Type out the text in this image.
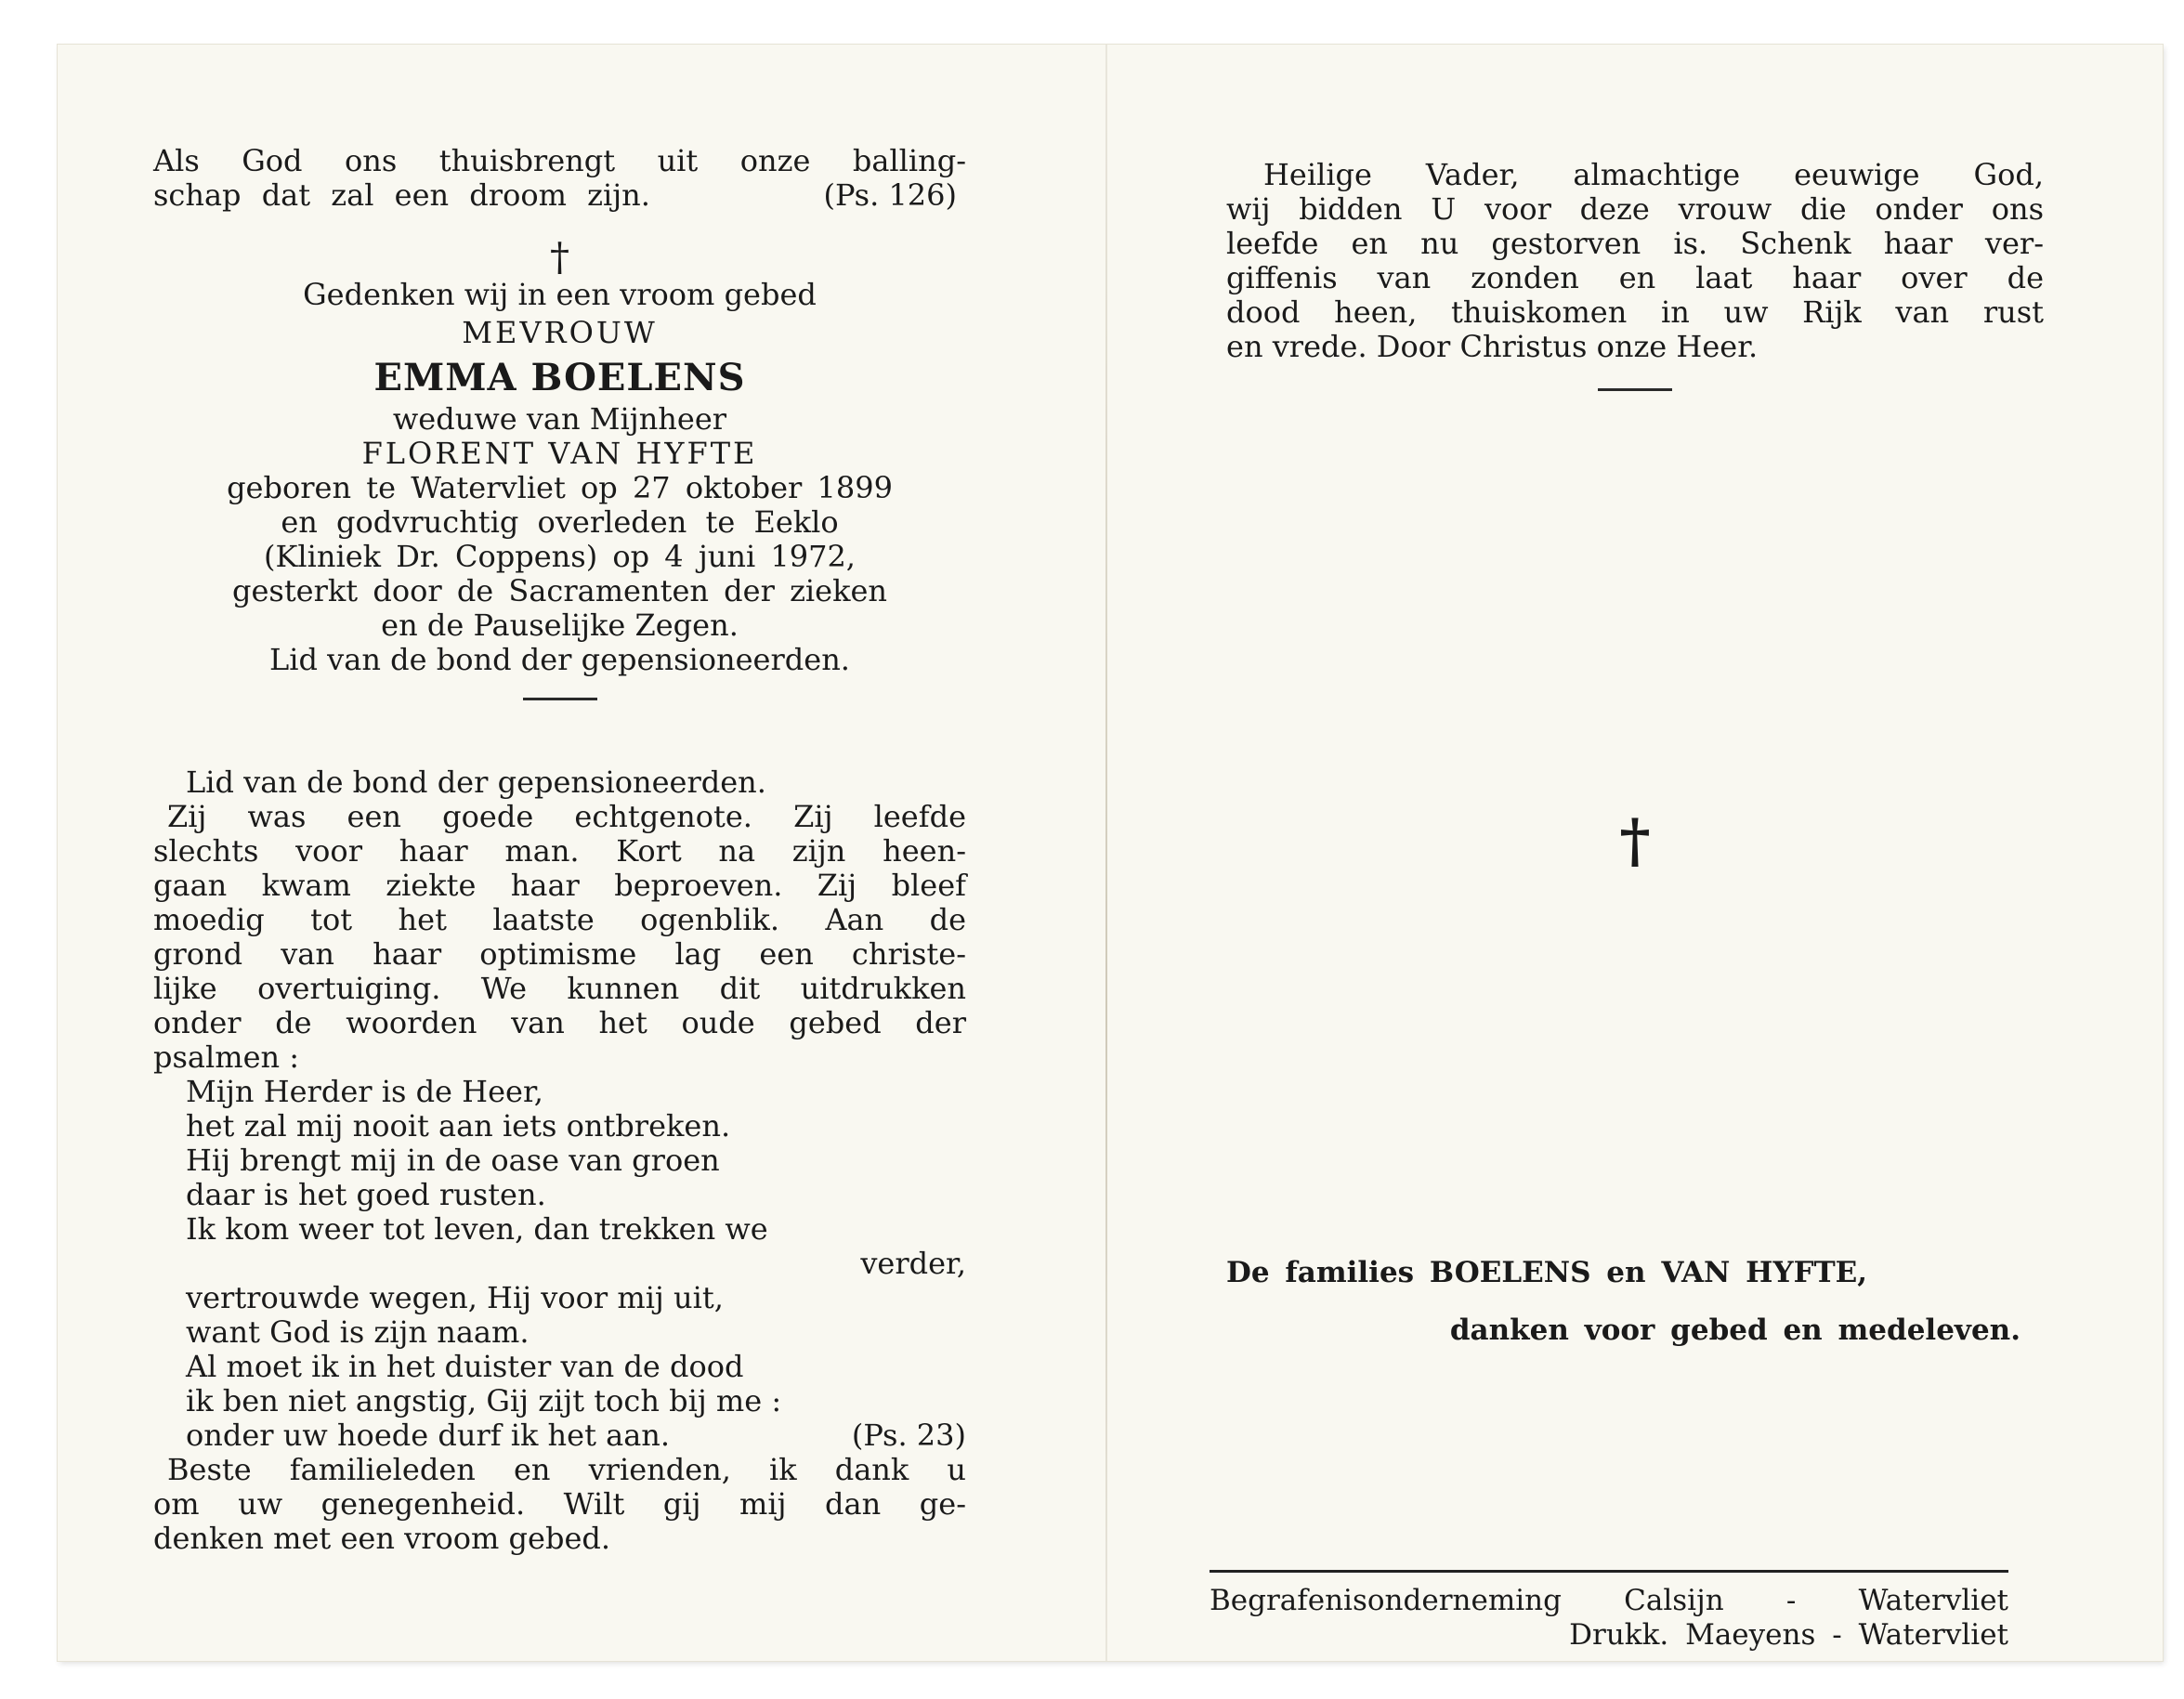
Als God ons thuisbrengt uit onze balling-
schap dat zal een droom zijn.	(Ps. 126)
†
Gedenken wij in een vroom gebed
MEVROUW
EMMA BOELENS
weduwe van Mijnheer
FLORENT VAN HYFTE
geboren te Watervliet op 27 oktober 1899
en godvruchtig overleden te Eeklo
(Kliniek Dr. Coppens) op 4 juni 1972,
gesterkt door de Sacramenten der zieken
en de Pauselijke Zegen.
Lid van de bond der gepensioneerden.
Lid van de bond der gepensioneerden.
Zij was een goede echtgenote. Zij leefde
slechts voor haar man. Kort na zijn heen-
gaan kwam ziekte haar beproeven. Zij bleef
moedig tot het laatste ogenblik. Aan de
grond van haar optimisme lag een christe-
lijke overtuiging. We kunnen dit uitdrukken
onder de woorden van het oude gebed der
psalmen :
Mijn Herder is de Heer,
het zal mij nooit aan iets ontbreken.
Hij brengt mij in de oase van groen
daar is het goed rusten.
Ik kom weer tot leven, dan trekken we
verder,
vertrouwde wegen, Hij voor mij uit,
want God is zijn naam.
Al moet ik in het duister van de dood
ik ben niet angstig, Gij zijt toch bij me :
onder uw hoede durf ik het aan.	(Ps. 23)
Beste familieleden en vrienden, ik dank u
om uw genegenheid. Wilt gij mij dan ge-
denken met een vroom gebed.
Heilige Vader, almachtige eeuwige God,
wij bidden U voor deze vrouw die onder ons
leefde en nu gestorven is. Schenk haar ver-
giffenis van zonden en laat haar over de
dood heen, thuiskomen in uw Rijk van rust
en vrede. Door Christus onze Heer.
†
De families BOELENS en VAN HYFTE,
danken voor gebed en medeleven.
Begrafenisonderneming Calsijn - Watervliet
Drukk. Maeyens - Watervliet
